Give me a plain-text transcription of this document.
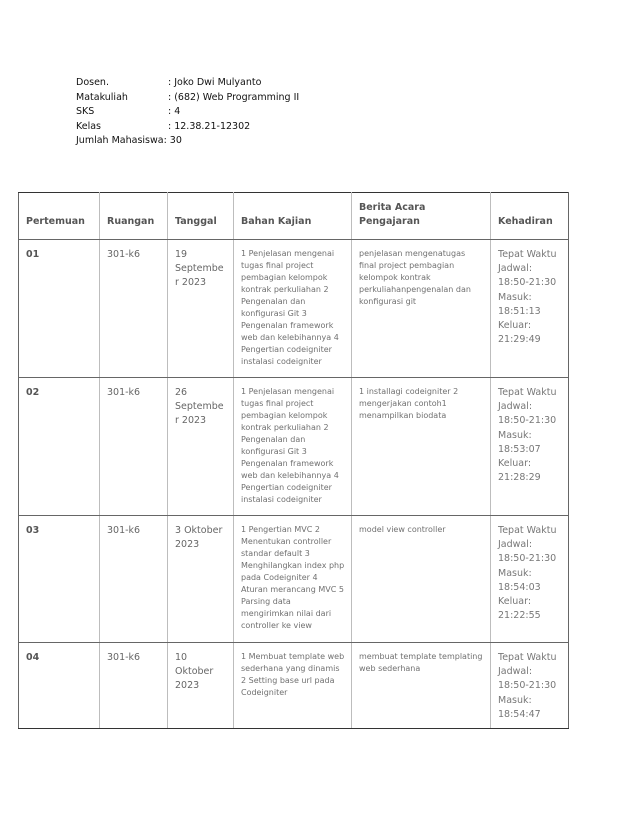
Dosen.	: Joko Dwi Mulyanto
Matakuliah	: (682) Web Programming II
SKS	: 4
Kelas	: 12.38.21-12302
Jumlah Mahasiswa : 30
Pertemuan	Ruangan	Tanggal	Bahan Kajian	Berita Acara Pengajaran	Kehadiran
01	301-k6	19 September 2023	1 Penjelasan mengenai tugas final project pembagian kelompok kontrak perkuliahan 2 Pengenalan dan konfigurasi Git 3 Pengenalan framework web dan kelebihannya 4 Pengertian codeigniter instalasi codeigniter	penjelasan mengenatugas final project pembagian kelompok kontrak perkuliahanpengenalan dan konfigurasi git	Tepat Waktu Jadwal: 18:50-21:30 Masuk: 18:51:13 Keluar: 21:29:49
02	301-k6	26 September 2023	1 Penjelasan mengenai tugas final project pembagian kelompok kontrak perkuliahan 2 Pengenalan dan konfigurasi Git 3 Pengenalan framework web dan kelebihannya 4 Pengertian codeigniter instalasi codeigniter	1 installagi codeigniter 2 mengerjakan contoh1 menampilkan biodata	Tepat Waktu Jadwal: 18:50-21:30 Masuk: 18:53:07 Keluar: 21:28:29
03	301-k6	3 Oktober 2023	1 Pengertian MVC 2 Menentukan controller standar default 3 Menghilangkan index php pada Codeigniter 4 Aturan merancang MVC 5 Parsing data mengirimkan nilai dari controller ke view	model view controller	Tepat Waktu Jadwal: 18:50-21:30 Masuk: 18:54:03 Keluar: 21:22:55
04	301-k6	10 Oktober 2023	1 Membuat template web sederhana yang dinamis 2 Setting base url pada Codeigniter	membuat template templating web sederhana	Tepat Waktu Jadwal: 18:50-21:30 Masuk: 18:54:47
